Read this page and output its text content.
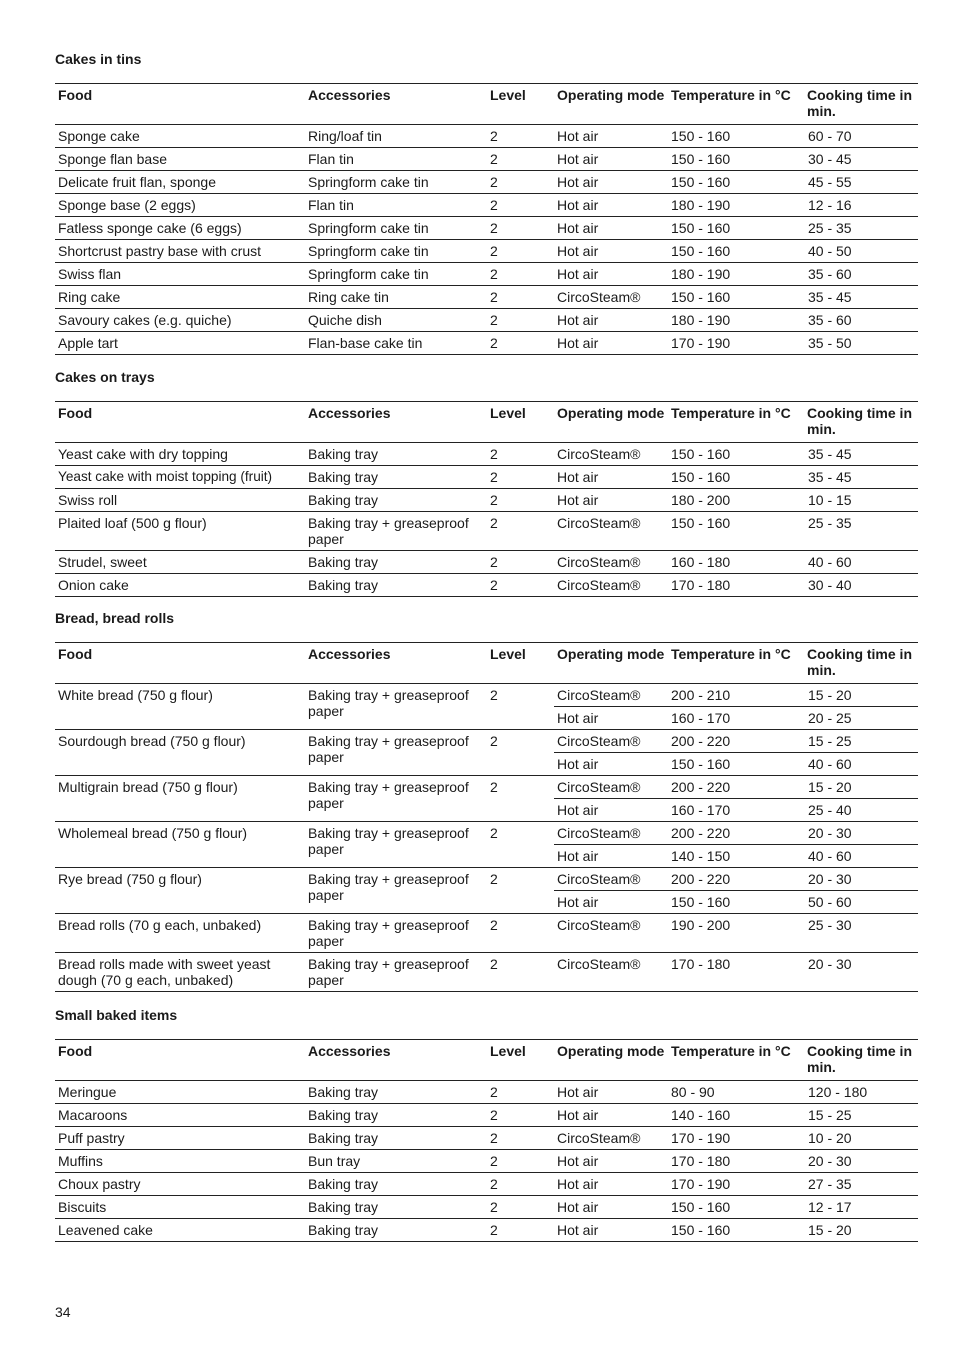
Cakes in tins
Food	Accessories	Level	Operating mode	Temperature in °C	Cooking time in min.
Sponge cake	Ring/loaf tin	2	Hot air	150 - 160	60 - 70
Sponge flan base	Flan tin	2	Hot air	150 - 160	30 - 45
Delicate fruit flan, sponge	Springform cake tin	2	Hot air	150 - 160	45 - 55
Sponge base (2 eggs)	Flan tin	2	Hot air	180 - 190	12 - 16
Fatless sponge cake (6 eggs)	Springform cake tin	2	Hot air	150 - 160	25 - 35
Shortcrust pastry base with crust	Springform cake tin	2	Hot air	150 - 160	40 - 50
Swiss flan	Springform cake tin	2	Hot air	180 - 190	35 - 60
Ring cake	Ring cake tin	2	CircoSteam®	150 - 160	35 - 45
Savoury cakes (e.g. quiche)	Quiche dish	2	Hot air	180 - 190	35 - 60
Apple tart	Flan-base cake tin	2	Hot air	170 - 190	35 - 50
Cakes on trays
Food	Accessories	Level	Operating mode	Temperature in °C	Cooking time in min.
Yeast cake with dry topping	Baking tray	2	CircoSteam®	150 - 160	35 - 45
Yeast cake with moist topping (fruit)	Baking tray	2	Hot air	150 - 160	35 - 45
Swiss roll	Baking tray	2	Hot air	180 - 200	10 - 15
Plaited loaf (500 g flour)	Baking tray + greaseproof paper	2	CircoSteam®	150 - 160	25 - 35
Strudel, sweet	Baking tray	2	CircoSteam®	160 - 180	40 - 60
Onion cake	Baking tray	2	CircoSteam®	170 - 180	30 - 40
Bread, bread rolls
Food	Accessories	Level	Operating mode	Temperature in °C	Cooking time in min.
White bread (750 g flour)	Baking tray + greaseproof paper	2	CircoSteam®	200 - 210	15 - 20
			Hot air	160 - 170	20 - 25
Sourdough bread (750 g flour)	Baking tray + greaseproof paper	2	CircoSteam®	200 - 220	15 - 25
			Hot air	150 - 160	40 - 60
Multigrain bread (750 g flour)	Baking tray + greaseproof paper	2	CircoSteam®	200 - 220	15 - 20
			Hot air	160 - 170	25 - 40
Wholemeal bread (750 g flour)	Baking tray + greaseproof paper	2	CircoSteam®	200 - 220	20 - 30
			Hot air	140 - 150	40 - 60
Rye bread (750 g flour)	Baking tray + greaseproof paper	2	CircoSteam®	200 - 220	20 - 30
			Hot air	150 - 160	50 - 60
Bread rolls (70 g each, unbaked)	Baking tray + greaseproof paper	2	CircoSteam®	190 - 200	25 - 30
Bread rolls made with sweet yeast dough (70 g each, unbaked)	Baking tray + greaseproof paper	2	CircoSteam®	170 - 180	20 - 30
Small baked items
Food	Accessories	Level	Operating mode	Temperature in °C	Cooking time in min.
Meringue	Baking tray	2	Hot air	80 - 90	120 - 180
Macaroons	Baking tray	2	Hot air	140 - 160	15 - 25
Puff pastry	Baking tray	2	CircoSteam®	170 - 190	10 - 20
Muffins	Bun tray	2	Hot air	170 - 180	20 - 30
Choux pastry	Baking tray	2	Hot air	170 - 190	27 - 35
Biscuits	Baking tray	2	Hot air	150 - 160	12 - 17
Leavened cake	Baking tray	2	Hot air	150 - 160	15 - 20
34
